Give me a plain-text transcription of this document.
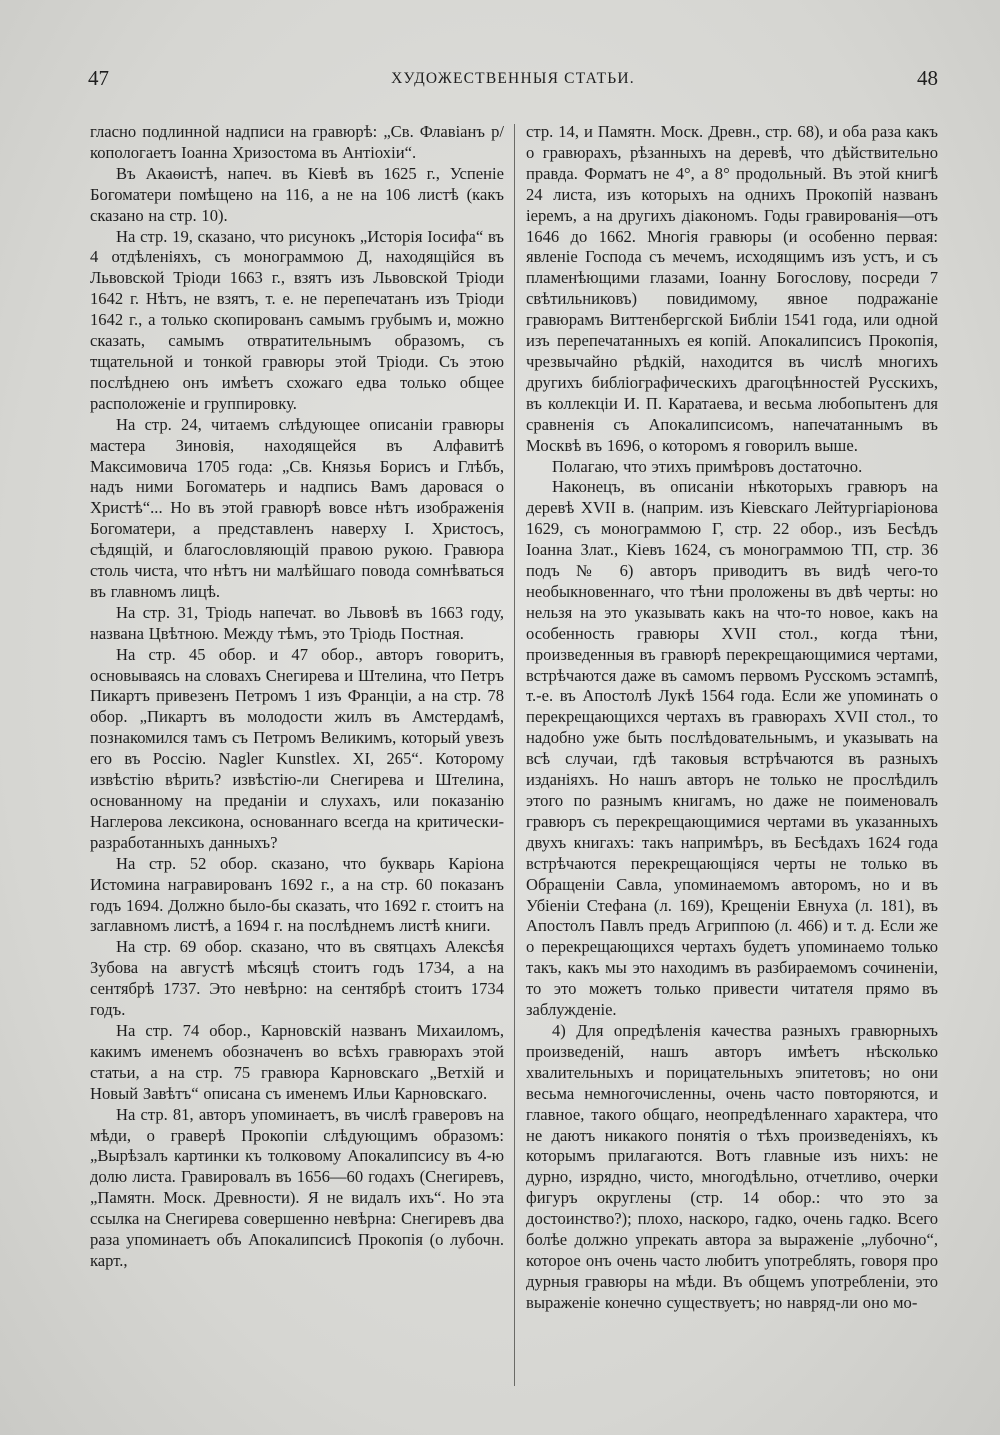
47	ХУДОЖЕСТВЕННЫЯ СТАТЬИ.	48

гласно подлинной надписи на гравюрѣ: „Св. Флавіанъ р/копологаетъ Іоанна Хризостома въ Антіохіи“.

Въ Акаѳистѣ, напеч. въ Кіевѣ въ 1625 г., Успеніе Богоматери помѣщено на 116, а не на 106 листѣ (какъ сказано на стр. 10).

На стр. 19, сказано, что рисунокъ „Исторія Іосифа“ въ 4 отдѣленіяхъ, съ монограммою Д, находящійся въ Львовской Тріоди 1663 г., взятъ изъ Львовской Тріоди 1642 г. Нѣтъ, не взятъ, т. е. не перепечатанъ изъ Тріоди 1642 г., а только скопированъ самымъ грубымъ и, можно сказать, самымъ отвратительнымъ образомъ, съ тщательной и тонкой гравюры этой Тріоди. Съ этою послѣднею онъ имѣетъ схожаго едва только общее расположеніе и группировку.

На стр. 24, читаемъ слѣдующее описаніи гравюры мастера Зиновія, находящейся въ Алфавитѣ Максимовича 1705 года: „Св. Князья Борисъ и Глѣбъ, надъ ними Богоматерь и надпись Вамъ даровася о Христѣ“... Но въ этой гравюрѣ вовсе нѣтъ изображенія Богоматери, а представленъ наверху І. Христосъ, сѣдящій, и благословляющій правою рукою. Гравюра столь чиста, что нѣтъ ни малѣйшаго повода сомнѣваться въ главномъ лицѣ.

На стр. 31, Тріодь напечат. во Львовѣ въ 1663 году, названа Цвѣтною. Между тѣмъ, это Тріодь Постная.

На стр. 45 обор. и 47 обор., авторъ говоритъ, основываясь на словахъ Снегирева и Штелина, что Петръ Пикартъ привезенъ Петромъ 1 изъ Франціи, а на стр. 78 обор. „Пикартъ въ молодости жилъ въ Амстердамѣ, познакомился тамъ съ Петромъ Великимъ, который увезъ его въ Россію. Nagler Kunstlex. XI, 265“. Которому извѣстію вѣрить? извѣстію-ли Снегирева и Штелина, основанному на преданіи и слухахъ, или показанію Наглерова лексикона, основаннаго всегда на критически-разработанныхъ данныхъ?

На стр. 52 обор. сказано, что букварь Каріона Истомина награвированъ 1692 г., а на стр. 60 показанъ годъ 1694. Должно было-бы сказать, что 1692 г. стоитъ на заглавномъ листѣ, а 1694 г. на послѣднемъ листѣ книги.

На стр. 69 обор. сказано, что въ святцахъ Алексѣя Зубова на августѣ мѣсяцѣ стоитъ годъ 1734, а на сентябрѣ 1737. Это невѣрно: на сентябрѣ стоитъ 1734 годъ.

На стр. 74 обор., Карновскій названъ Михаиломъ, какимъ именемъ обозначенъ во всѣхъ гравюрахъ этой статьи, а на стр. 75 гравюра Карновскаго „Ветхій и Новый Завѣтъ“ описана съ именемъ Ильи Карновскаго.

На стр. 81, авторъ упоминаетъ, въ числѣ граверовъ на мѣди, о граверѣ Прокопіи слѣдующимъ образомъ: „Вырѣзалъ картинки къ толковому Апокалипсису въ 4-ю долю листа. Гравировалъ въ 1656—60 годахъ (Снегиревъ, „Памятн. Моск. Древности). Я не видалъ ихъ“. Но эта ссылка на Снегирева совершенно невѣрна: Снегиревъ два раза упоминаетъ объ Апокалипсисѣ Прокопія (о лубочн. карт.,

стр. 14, и Памятн. Моск. Древн., стр. 68), и оба раза какъ о гравюрахъ, рѣзанныхъ на деревѣ, что дѣйствительно правда. Форматъ не 4°, а 8° продольный. Въ этой книгѣ 24 листа, изъ которыхъ на однихъ Прокопій названъ іеремъ, а на другихъ діакономъ. Годы гравированія—отъ 1646 до 1662. Многія гравюры (и особенно первая: явленіе Господа съ мечемъ, исходящимъ изъ устъ, и съ пламенѣющими глазами, Іоанну Богослову, посреди 7 свѣтильниковъ) повидимому, явное подражаніе гравюрамъ Виттенбергской Библіи 1541 года, или одной изъ перепечатанныхъ ея копій. Апокалипсисъ Прокопія, чрезвычайно рѣдкій, находится въ числѣ многихъ другихъ библіографическихъ драгоцѣнностей Русскихъ, въ коллекціи И. П. Каратаева, и весьма любопытенъ для сравненія съ Апокалипсисомъ, напечатаннымъ въ Москвѣ въ 1696, о которомъ я говорилъ выше.

Полагаю, что этихъ примѣровъ достаточно.

Наконецъ, въ описаніи нѣкоторыхъ гравюръ на деревѣ XVII в. (наприм. изъ Кіевскаго Лейтургіаріонова 1629, съ монограммою Г, стр. 22 обор., изъ Бесѣдъ Іоанна Злат., Кіевъ 1624, съ монограммою ТП, стр. 36 подъ № 6) авторъ приводитъ въ видѣ чего-то необыкновеннаго, что тѣни проложены въ двѣ черты: но нельзя на это указывать какъ на что-то новое, какъ на особенность гравюры XVII стол., когда тѣни, произведенныя въ гравюрѣ перекрещающимися чертами, встрѣчаются даже въ самомъ первомъ Русскомъ эстампѣ, т.-е. въ Апостолѣ Лукѣ 1564 года. Если же упоминать о перекрещающихся чертахъ въ гравюрахъ XVII стол., то надобно уже быть послѣдовательнымъ, и указывать на всѣ случаи, гдѣ таковыя встрѣчаются въ разныхъ изданіяхъ. Но нашъ авторъ не только не прослѣдилъ этого по разнымъ книгамъ, но даже не поименовалъ гравюръ съ перекрещающимися чертами въ указанныхъ двухъ книгахъ: такъ напримѣръ, въ Бесѣдахъ 1624 года встрѣчаются перекрещающіяся черты не только въ Обращеніи Савла, упоминаемомъ авторомъ, но и въ Убіеніи Стефана (л. 169), Крещеніи Евнуха (л. 181), въ Апостолъ Павлъ предъ Агриппою (л. 466) и т. д. Если же о перекрещающихся чертахъ будетъ упоминаемо только такъ, какъ мы это находимъ въ разбираемомъ сочиненіи, то это можетъ только привести читателя прямо въ заблужденіе.

4) Для опредѣленія качества разныхъ гравюрныхъ произведеній, нашъ авторъ имѣетъ нѣсколько хвалительныхъ и порицательныхъ эпитетовъ; но они весьма немногочисленны, очень часто повторяются, и главное, такого общаго, неопредѣленнаго характера, что не даютъ никакого понятія о тѣхъ произведеніяхъ, къ которымъ прилагаются. Вотъ главные изъ нихъ: не дурно, изрядно, чисто, многодѣльно, отчетливо, очерки фигуръ округлены (стр. 14 обор.: что это за достоинство?); плохо, наскоро, гадко, очень гадко. Всего болѣе должно упрекать автора за выраженіе „лубочно“, которое онъ очень часто любитъ употреблять, говоря про дурныя гравюры на мѣди. Въ общемъ употребленіи, это выраженіе конечно существуетъ; но навряд-ли оно мо-
